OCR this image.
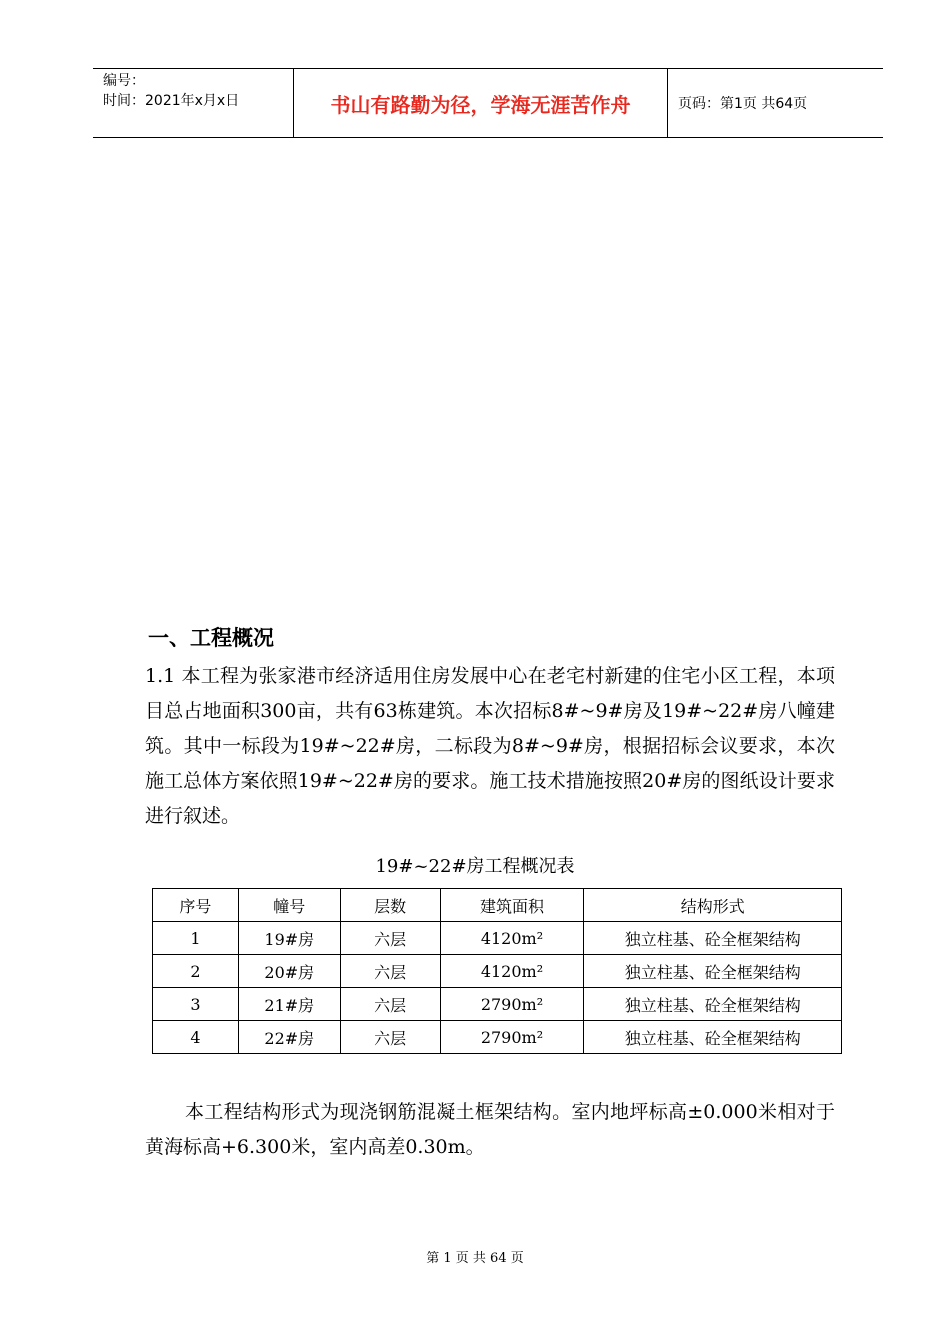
编号：
时间：2021年x月x日	书山有路勤为径，学海无涯苦作舟	页码：第1页 共64页
一、工程概况

1.1 本工程为张家港市经济适用住房发展中心在老宅村新建的住宅小区工程，本项目总占地面积300亩，共有63栋建筑。本次招标8#~9#房及19#~22#房八幢建筑。其中一标段为19#~22#房，二标段为8#~9#房，根据招标会议要求，本次施工总体方案依照19#~22#房的要求。施工技术措施按照20#房的图纸设计要求进行叙述。

19#~22#房工程概况表
序号	幢号	层数	建筑面积	结构形式
1	19#房	六层	4120m²	独立柱基、砼全框架结构
2	20#房	六层	4120m²	独立柱基、砼全框架结构
3	21#房	六层	2790m²	独立柱基、砼全框架结构
4	22#房	六层	2790m²	独立柱基、砼全框架结构

本工程结构形式为现浇钢筋混凝土框架结构。室内地坪标高±0.000米相对于黄海标高+6.300米，室内高差0.30m。

第 1 页 共 64 页
